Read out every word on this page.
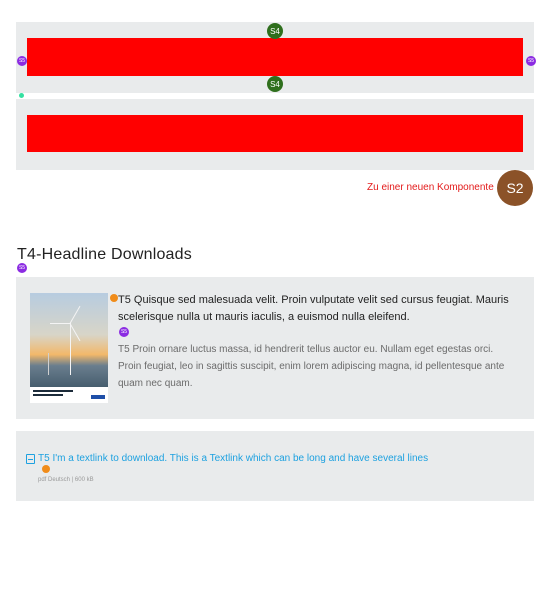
S4
S4
S5	S5
Zu einer neuen Komponente S2
T4-Headline Downloads
S5
T5 Quisque sed malesuada velit. Proin vulputate velit sed cursus feugiat. Mauris scelerisque nulla ut mauris iaculis, a euismod nulla eleifend.
S5
T5 Proin ornare luctus massa, id hendrerit tellus auctor eu. Nullam eget egestas orci. Proin feugiat, leo in sagittis suscipit, enim lorem adipiscing magna, id pellentesque ante quam nec quam.
T5 I'm a textlink to download. This is a Textlink which can be long and have several lines
pdf Deutsch | 600 kB
